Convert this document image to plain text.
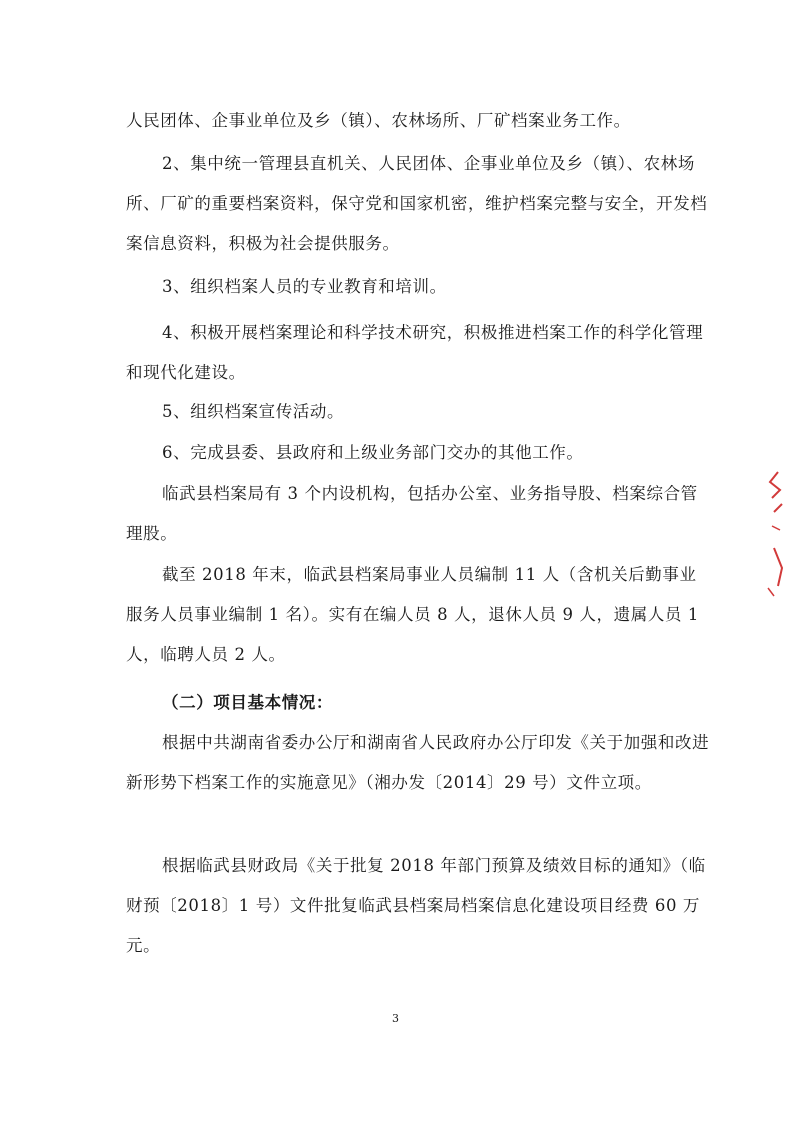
人民团体、企事业单位及乡（镇）、农林场所、厂矿档案业务工作。

2、集中统一管理县直机关、人民团体、企事业单位及乡（镇）、农林场所、厂矿的重要档案资料，保守党和国家机密，维护档案完整与安全，开发档案信息资料，积极为社会提供服务。

3、组织档案人员的专业教育和培训。

4、积极开展档案理论和科学技术研究，积极推进档案工作的科学化管理和现代化建设。

5、组织档案宣传活动。

6、完成县委、县政府和上级业务部门交办的其他工作。

临武县档案局有 3 个内设机构，包括办公室、业务指导股、档案综合管理股。

截至 2018 年末，临武县档案局事业人员编制 11 人（含机关后勤事业服务人员事业编制 1 名）。实有在编人员 8 人，退休人员 9 人，遗属人员 1 人，临聘人员 2 人。

（二）项目基本情况：

根据中共湖南省委办公厅和湖南省人民政府办公厅印发《关于加强和改进新形势下档案工作的实施意见》（湘办发〔2014〕29 号）文件立项。

根据临武县财政局《关于批复 2018 年部门预算及绩效目标的通知》（临财预〔2018〕1 号）文件批复临武县档案局档案信息化建设项目经费 60 万元。

3
